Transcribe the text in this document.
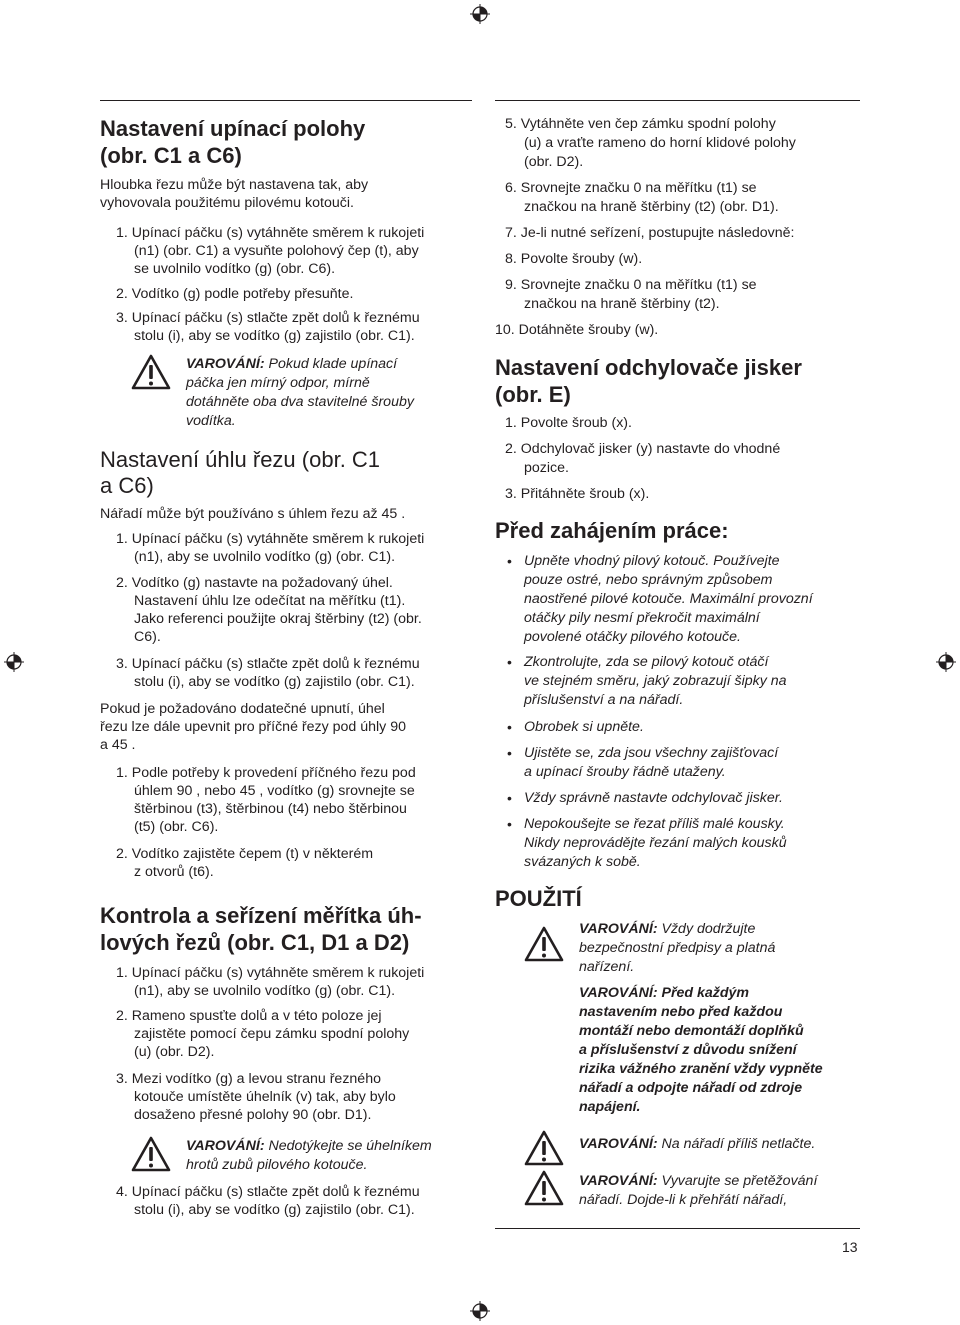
Nastavení upínací polohy
(obr. C1 a C6)
Hloubka řezu může být nastavena tak, aby
vyhovovala použitému pilovému kotouči.
1. Upínací páčku (s) vytáhněte směrem k rukojeti
(n1) (obr. C1) a vysuňte polohový čep (t), aby
se uvolnilo vodítko (g) (obr. C6).
2. Vodítko (g) podle potřeby přesuňte.
3. Upínací páčku (s) stlačte zpět dolů k řeznému
stolu (i), aby se vodítko (g) zajistilo (obr. C1).
VAROVÁNÍ: Pokud klade upínací
páčka jen mírný odpor, mírně
dotáhněte oba dva stavitelné šrouby
vodítka.
Nastavení úhlu řezu (obr. C1
a C6)
Nářadí může být používáno s úhlem řezu až 45 .
1. Upínací páčku (s) vytáhněte směrem k rukojeti
(n1), aby se uvolnilo vodítko (g) (obr. C1).
2. Vodítko (g) nastavte na požadovaný úhel.
Nastavení úhlu lze odečítat na měřítku (t1).
Jako referenci použijte okraj štěrbiny (t2) (obr.
C6).
3. Upínací páčku (s) stlačte zpět dolů k řeznému
stolu (i), aby se vodítko (g) zajistilo (obr. C1).
Pokud je požadováno dodatečné upnutí, úhel
řezu lze dále upevnit pro příčné řezy pod úhly 90
a 45 .
1. Podle potřeby k provedení příčného řezu pod
úhlem 90 , nebo 45 , vodítko (g) srovnejte se
štěrbinou (t3), štěrbinou (t4) nebo štěrbinou
(t5) (obr. C6).
2. Vodítko zajistěte čepem (t) v některém
z otvorů (t6).
Kontrola a seřízení měřítka úh-
lových řezů (obr. C1, D1 a D2)
1. Upínací páčku (s) vytáhněte směrem k rukojeti
(n1), aby se uvolnilo vodítko (g) (obr. C1).
2. Rameno spusťte dolů a v této poloze jej
zajistěte pomocí čepu zámku spodní polohy
(u) (obr. D2).
3. Mezi vodítko (g) a levou stranu řezného
kotouče umístěte úhelník (v) tak, aby bylo
dosaženo přesné polohy 90 (obr. D1).
VAROVÁNÍ: Nedotýkejte se úhelníkem
hrotů zubů pilového kotouče.
4. Upínací páčku (s) stlačte zpět dolů k řeznému
stolu (i), aby se vodítko (g) zajistilo (obr. C1).
5. Vytáhněte ven čep zámku spodní polohy
(u) a vraťte rameno do horní klidové polohy
(obr. D2).
6. Srovnejte značku 0 na měřítku (t1) se
značkou na hraně štěrbiny (t2) (obr. D1).
7. Je-li nutné seřízení, postupujte následovně:
8. Povolte šrouby (w).
9. Srovnejte značku 0 na měřítku (t1) se
značkou na hraně štěrbiny (t2).
10. Dotáhněte šrouby (w).
Nastavení odchylovače jisker
(obr. E)
1. Povolte šroub (x).
2. Odchylovač jisker (y) nastavte do vhodné
pozice.
3. Přitáhněte šroub (x).
Před zahájením práce:
• Upněte vhodný pilový kotouč. Používejte
pouze ostré, nebo správným způsobem
naostřené pilové kotouče. Maximální provozní
otáčky pily nesmí překročit maximální
povolené otáčky pilového kotouče.
• Zkontrolujte, zda se pilový kotouč otáčí
ve stejném směru, jaký zobrazují šipky na
příslušenství a na nářadí.
• Obrobek si upněte.
• Ujistěte se, zda jsou všechny zajišťovací
a upínací šrouby řádně utaženy.
• Vždy správně nastavte odchylovač jisker.
• Nepokoušejte se řezat příliš malé kousky.
Nikdy neprovádějte řezání malých kousků
svázaných k sobě.
POUŽITÍ
VAROVÁNÍ: Vždy dodržujte
bezpečnostní předpisy a platná
nařízení.
VAROVÁNÍ: Před každým
nastavením nebo před každou
montáží nebo demontáží doplňků
a příslušenství z důvodu snížení
rizika vážného zranění vždy vypněte
nářadí a odpojte nářadí od zdroje
napájení.
VAROVÁNÍ: Na nářadí příliš netlačte.
VAROVÁNÍ: Vyvarujte se přetěžování
nářadí. Dojde-li k přehřátí nářadí,
13
